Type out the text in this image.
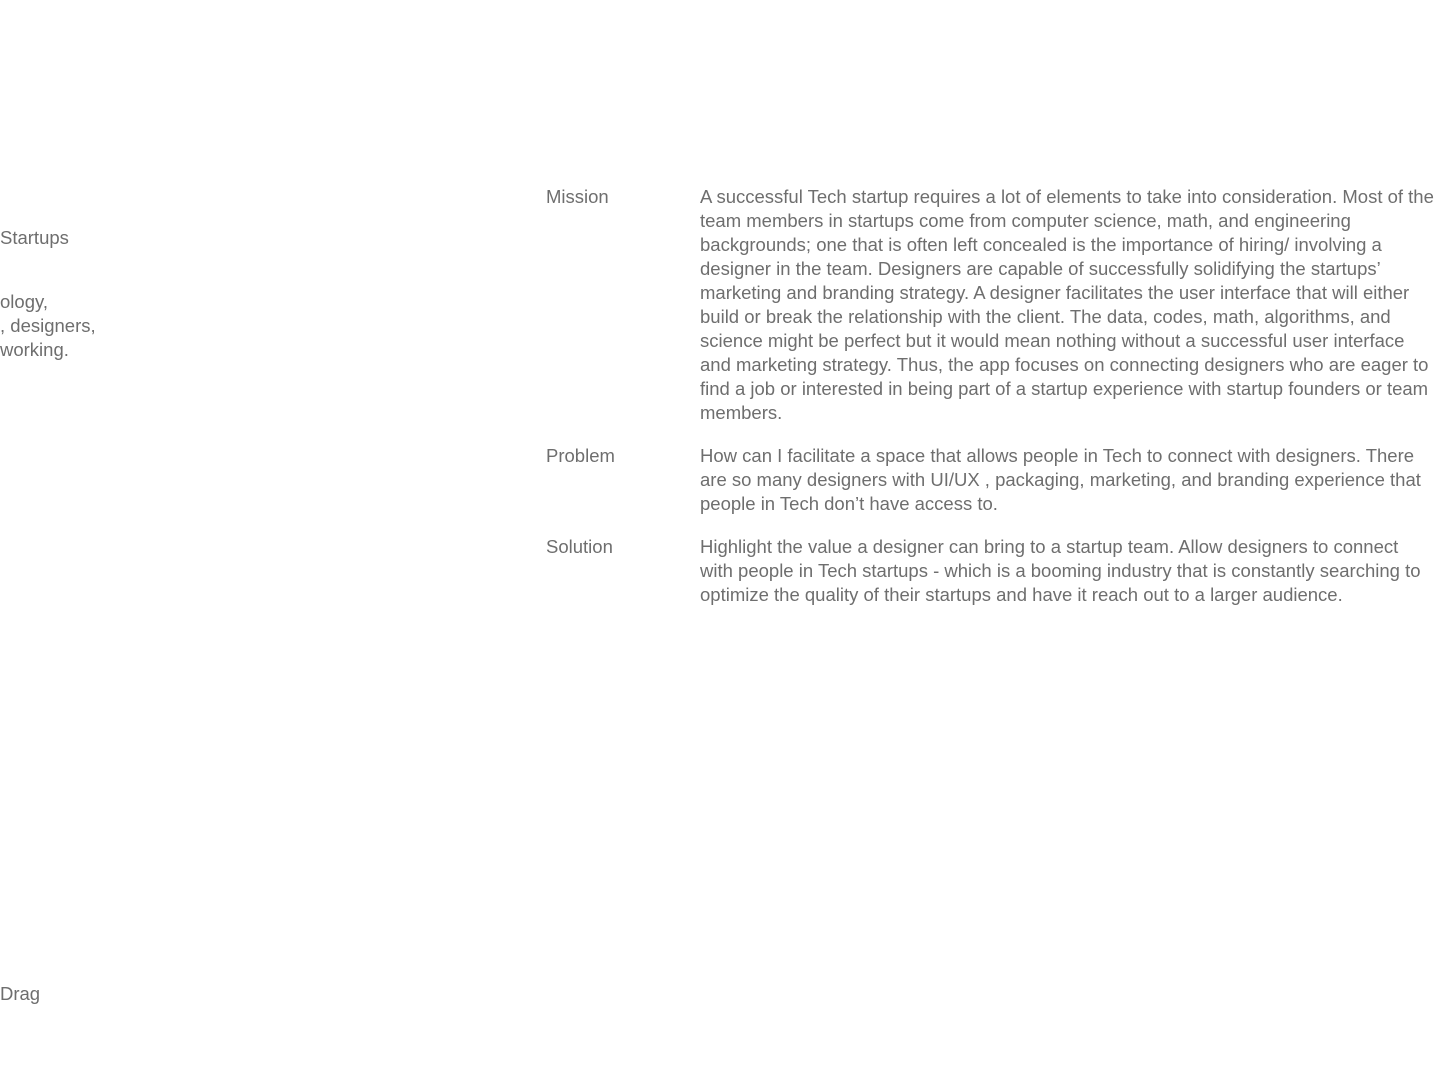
Startups
ology,
, designers,
working.
Drag
Mission	A successful Tech startup requires a lot of elements to take into consideration. Most of the team members in startups come from computer science, math, and engineering backgrounds; one that is often left concealed is the importance of hiring/ involving a designer in the team. Designers are capable of successfully solidifying the startups’ marketing and branding strategy. A designer facilitates the user interface that will either build or break the relationship with the client. The data, codes, math, algorithms, and science might be perfect but it would mean nothing without a successful user interface and marketing strategy. Thus, the app focuses on connecting designers who are eager to find a job or interested in being part of a startup experience with startup founders or team members.

Problem	How can I facilitate a space that allows people in Tech to connect with designers. There are so many designers with UI/UX , packaging, marketing, and branding experience that people in Tech don’t have access to.

Solution	Highlight the value a designer can bring to a startup team. Allow designers to connect with people in Tech startups - which is a booming industry that is constantly searching to optimize the quality of their startups and have it reach out to a larger audience.
